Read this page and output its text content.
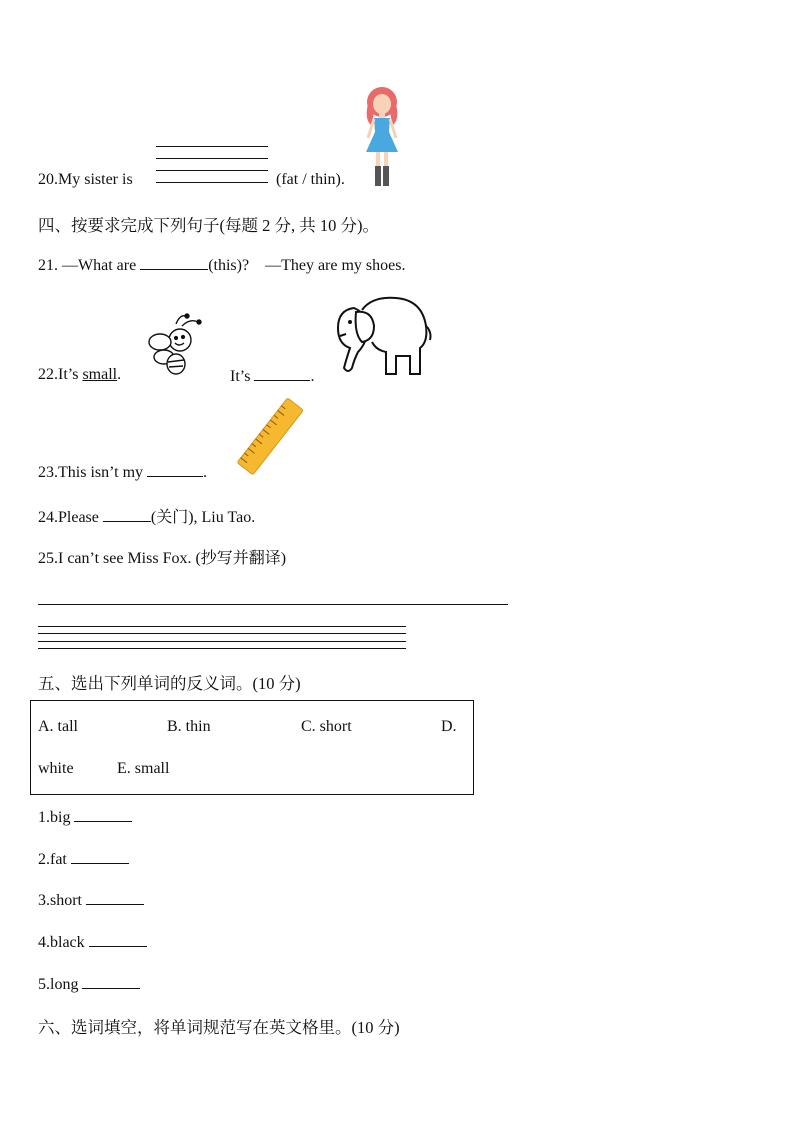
20.My sister is	(fat / thin).
四、按要求完成下列句子(每题 2 分, 共 10 分)。
21. —What are	(this)? —They are my shoes.
22.It’s small.	It’s	.
23.This isn’t my	.
24.Please	(关门), Liu Tao.
25.I can’t see Miss Fox. (抄写并翻译)
五、选出下列单词的反义词。(10 分)
A. tall	B. thin	C. short	D.
white	E. small
1.big
2.fat
3.short
4.black
5.long
六、选词填空，将单词规范写在英文格里。(10 分)
